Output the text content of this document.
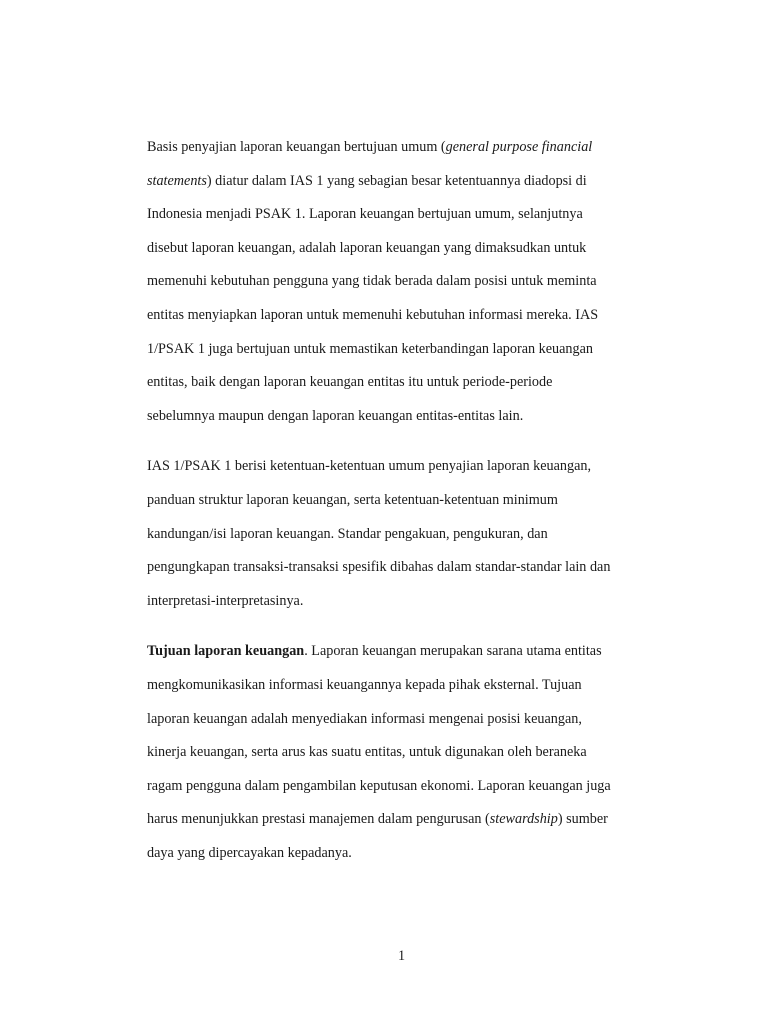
Basis penyajian laporan keuangan bertujuan umum (general purpose financial
statements) diatur dalam IAS 1 yang sebagian besar ketentuannya diadopsi di
Indonesia menjadi PSAK 1. Laporan keuangan bertujuan umum, selanjutnya
disebut laporan keuangan, adalah laporan keuangan yang dimaksudkan untuk
memenuhi kebutuhan pengguna yang tidak berada dalam posisi untuk meminta
entitas menyiapkan laporan untuk memenuhi kebutuhan informasi mereka. IAS
1/PSAK 1 juga bertujuan untuk memastikan keterbandingan laporan keuangan
entitas, baik dengan laporan keuangan entitas itu untuk periode-periode
sebelumnya maupun dengan laporan keuangan entitas-entitas lain.
IAS 1/PSAK 1 berisi ketentuan-ketentuan umum penyajian laporan keuangan,
panduan struktur laporan keuangan, serta ketentuan-ketentuan minimum
kandungan/isi laporan keuangan. Standar pengakuan, pengukuran, dan
pengungkapan transaksi-transaksi spesifik dibahas dalam standar-standar lain dan
interpretasi-interpretasinya.
Tujuan laporan keuangan. Laporan keuangan merupakan sarana utama entitas
mengkomunikasikan informasi keuangannya kepada pihak eksternal. Tujuan
laporan keuangan adalah menyediakan informasi mengenai posisi keuangan,
kinerja keuangan, serta arus kas suatu entitas, untuk digunakan oleh beraneka
ragam pengguna dalam pengambilan keputusan ekonomi. Laporan keuangan juga
harus menunjukkan prestasi manajemen dalam pengurusan (stewardship) sumber
daya yang dipercayakan kepadanya.
1
